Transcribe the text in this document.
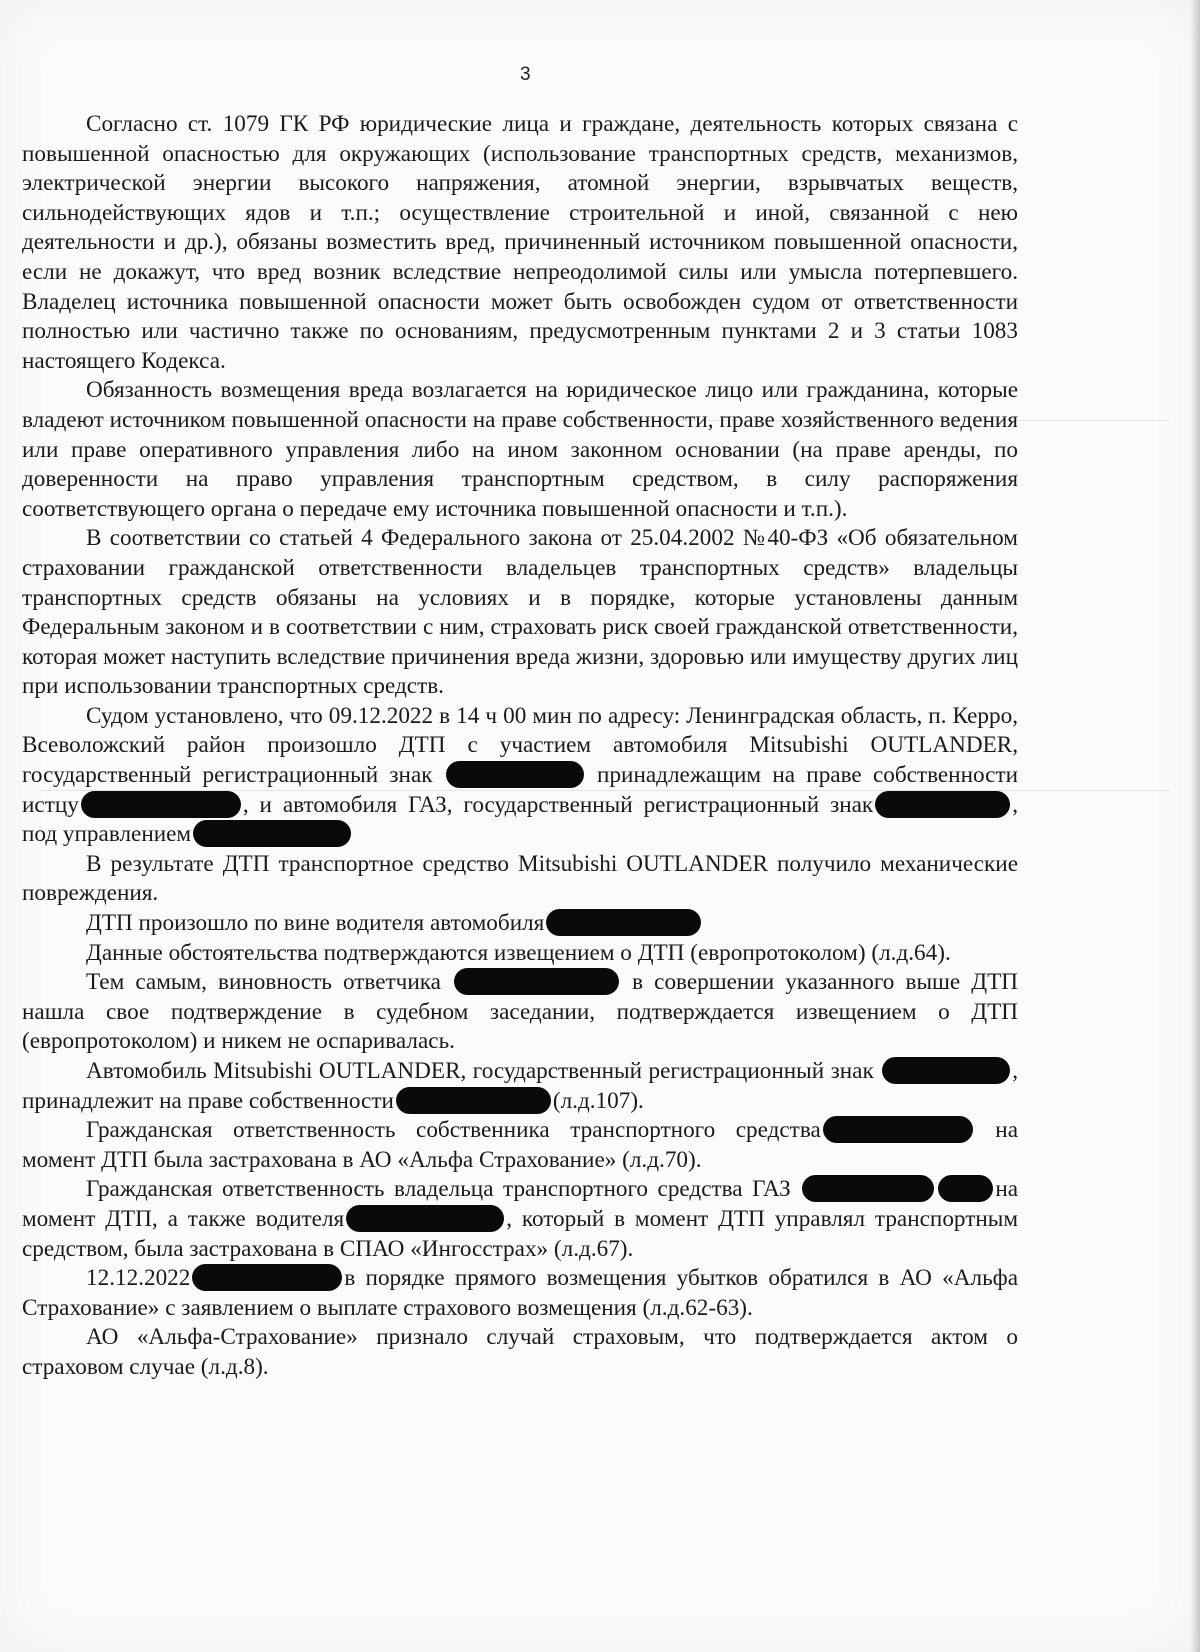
3

Согласно ст. 1079 ГК РФ юридические лица и граждане, деятельность которых связана с повышенной опасностью для окружающих (использование транспортных средств, механизмов, электрической энергии высокого напряжения, атомной энергии, взрывчатых веществ, сильнодействующих ядов и т.п.; осуществление строительной и иной, связанной с нею деятельности и др.), обязаны возместить вред, причиненный источником повышенной опасности, если не докажут, что вред возник вследствие непреодолимой силы или умысла потерпевшего. Владелец источника повышенной опасности может быть освобожден судом от ответственности полностью или частично также по основаниям, предусмотренным пунктами 2 и 3 статьи 1083 настоящего Кодекса.

Обязанность возмещения вреда возлагается на юридическое лицо или гражданина, которые владеют источником повышенной опасности на праве собственности, праве хозяйственного ведения или праве оперативного управления либо на ином законном основании (на праве аренды, по доверенности на право управления транспортным средством, в силу распоряжения соответствующего органа о передаче ему источника повышенной опасности и т.п.).

В соответствии со статьей 4 Федерального закона от 25.04.2002 №40-ФЗ «Об обязательном страховании гражданской ответственности владельцев транспортных средств» владельцы транспортных средств обязаны на условиях и в порядке, которые установлены данным Федеральным законом и в соответствии с ним, страховать риск своей гражданской ответственности, которая может наступить вследствие причинения вреда жизни, здоровью или имуществу других лиц при использовании транспортных средств.

Судом установлено, что 09.12.2022 в 14 ч 00 мин по адресу: Ленинградская область, п. Керро, Всеволожский район произошло ДТП с участием автомобиля Mitsubishi OUTLANDER, государственный регистрационный знак	принадлежащим на праве собственности истцу	, и автомобиля ГАЗ, государственный регистрационный знак	, под управлением

В результате ДТП транспортное средство Mitsubishi OUTLANDER получило механические повреждения.

ДТП произошло по вине водителя автомобиля

Данные обстоятельства подтверждаются извещением о ДТП (европротоколом) (л.д.64).

Тем самым, виновность ответчика	в совершении указанного выше ДТП нашла свое подтверждение в судебном заседании, подтверждается извещением о ДТП (европротоколом) и никем не оспаривалась.

Автомобиль Mitsubishi OUTLANDER, государственный регистрационный знак	, принадлежит на праве собственности	(л.д.107).

Гражданская ответственность собственника транспортного средства	на момент ДТП была застрахована в АО «Альфа Страхование» (л.д.70).

Гражданская ответственность владельца транспортного средства ГАЗ	на момент ДТП, а также водителя	, который в момент ДТП управлял транспортным средством, была застрахована в СПАО «Ингосстрах» (л.д.67).

12.12.2022	в порядке прямого возмещения убытков обратился в АО «Альфа Страхование» с заявлением о выплате страхового возмещения (л.д.62-63).

АО «Альфа-Страхование» признало случай страховым, что подтверждается актом о страховом случае (л.д.8).
